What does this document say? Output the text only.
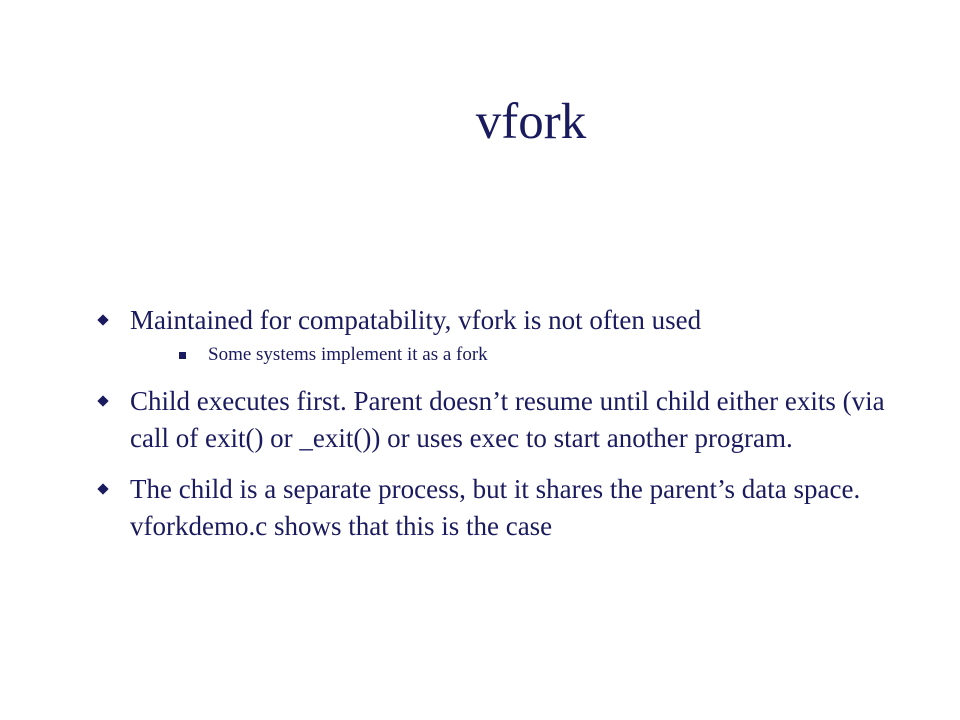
vfork
Maintained for compatability, vfork is not often used
Some systems implement it as a fork
Child executes first. Parent doesn’t resume until child either exits (via call of exit() or _exit()) or uses exec to start another program.
The child is a separate process, but it shares the parent’s data space. vforkdemo.c shows that this is the case
